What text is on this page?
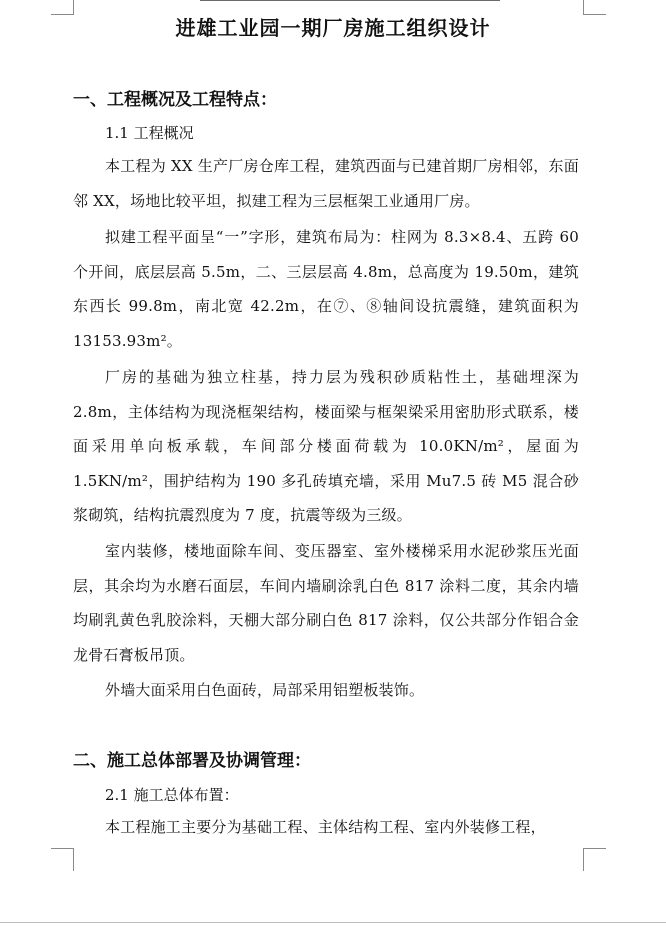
进雄工业园一期厂房施工组织设计
一、工程概况及工程特点：
1.1 工程概况
本工程为 XX 生产厂房仓库工程，建筑西面与已建首期厂房相邻，东面邻 XX，场地比较平坦，拟建工程为三层框架工业通用厂房。
拟建工程平面呈“一”字形，建筑布局为：柱网为 8.3×8.4、五跨 60 个开间，底层层高 5.5m，二、三层层高 4.8m，总高度为 19.50m，建筑东西长 99.8m，南北宽 42.2m，在⑦、⑧轴间设抗震缝，建筑面积为 13153.93m²。
厂房的基础为独立柱基，持力层为残积砂质粘性土，基础埋深为 2.8m，主体结构为现浇框架结构，楼面梁与框架梁采用密肋形式联系，楼面采用单向板承载，车间部分楼面荷载为 10.0KN/m²，屋面为 1.5KN/m²，围护结构为 190 多孔砖填充墙，采用 Mu7.5 砖 M5 混合砂浆砌筑，结构抗震烈度为 7 度，抗震等级为三级。
室内装修，楼地面除车间、变压器室、室外楼梯采用水泥砂浆压光面层，其余均为水磨石面层，车间内墙刷涂乳白色 817 涂料二度，其余内墙均刷乳黄色乳胶涂料，天棚大部分刷白色 817 涂料，仅公共部分作铝合金龙骨石膏板吊顶。
外墙大面采用白色面砖，局部采用铝塑板装饰。
二、施工总体部署及协调管理：
2.1 施工总体布置：
本工程施工主要分为基础工程、主体结构工程、室内外装修工程，
